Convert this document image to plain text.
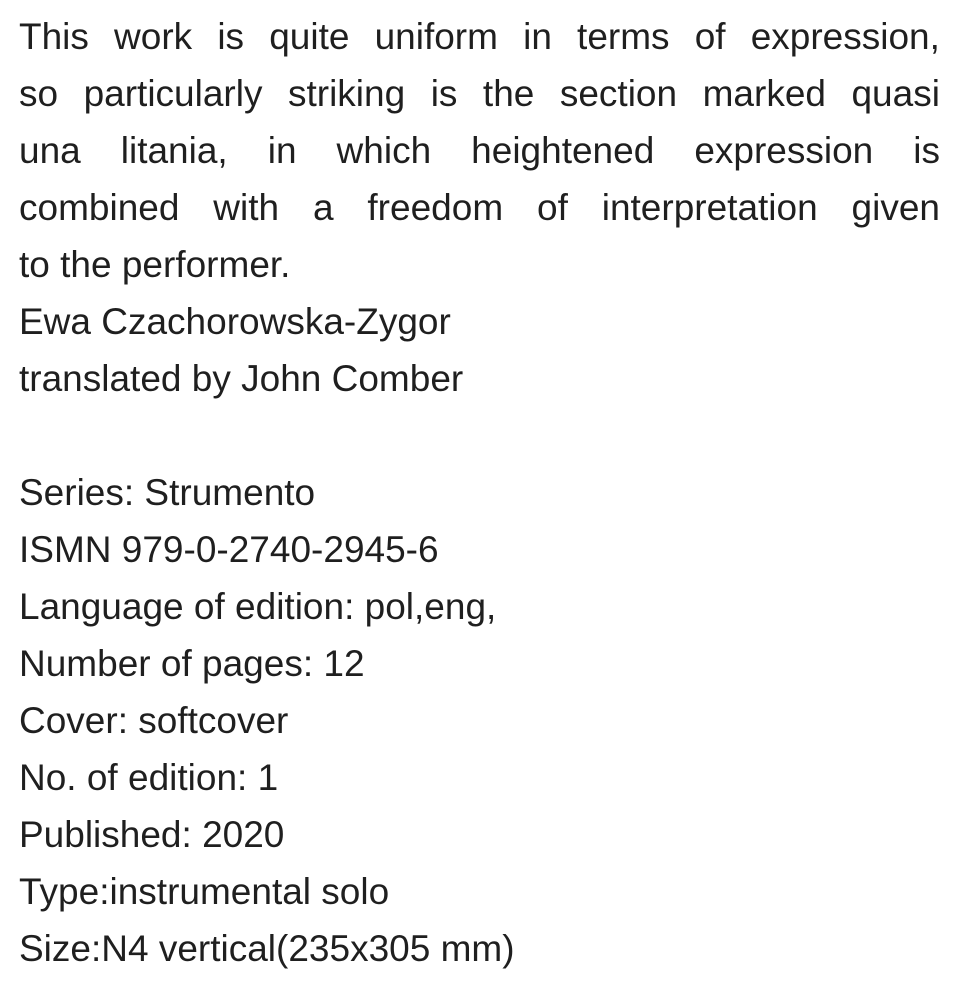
This work is quite uniform in terms of expression,
so particularly striking is the section marked quasi
una litania, in which heightened expression is
combined with a freedom of interpretation given
to the performer.
Ewa Czachorowska-Zygor
translated by John Comber
Series: Strumento
ISMN 979-0-2740-2945-6
Language of edition: pol,eng,
Number of pages: 12
Cover: softcover
No. of edition: 1
Published: 2020
Type:instrumental solo
Size:N4 vertical(235x305 mm)
